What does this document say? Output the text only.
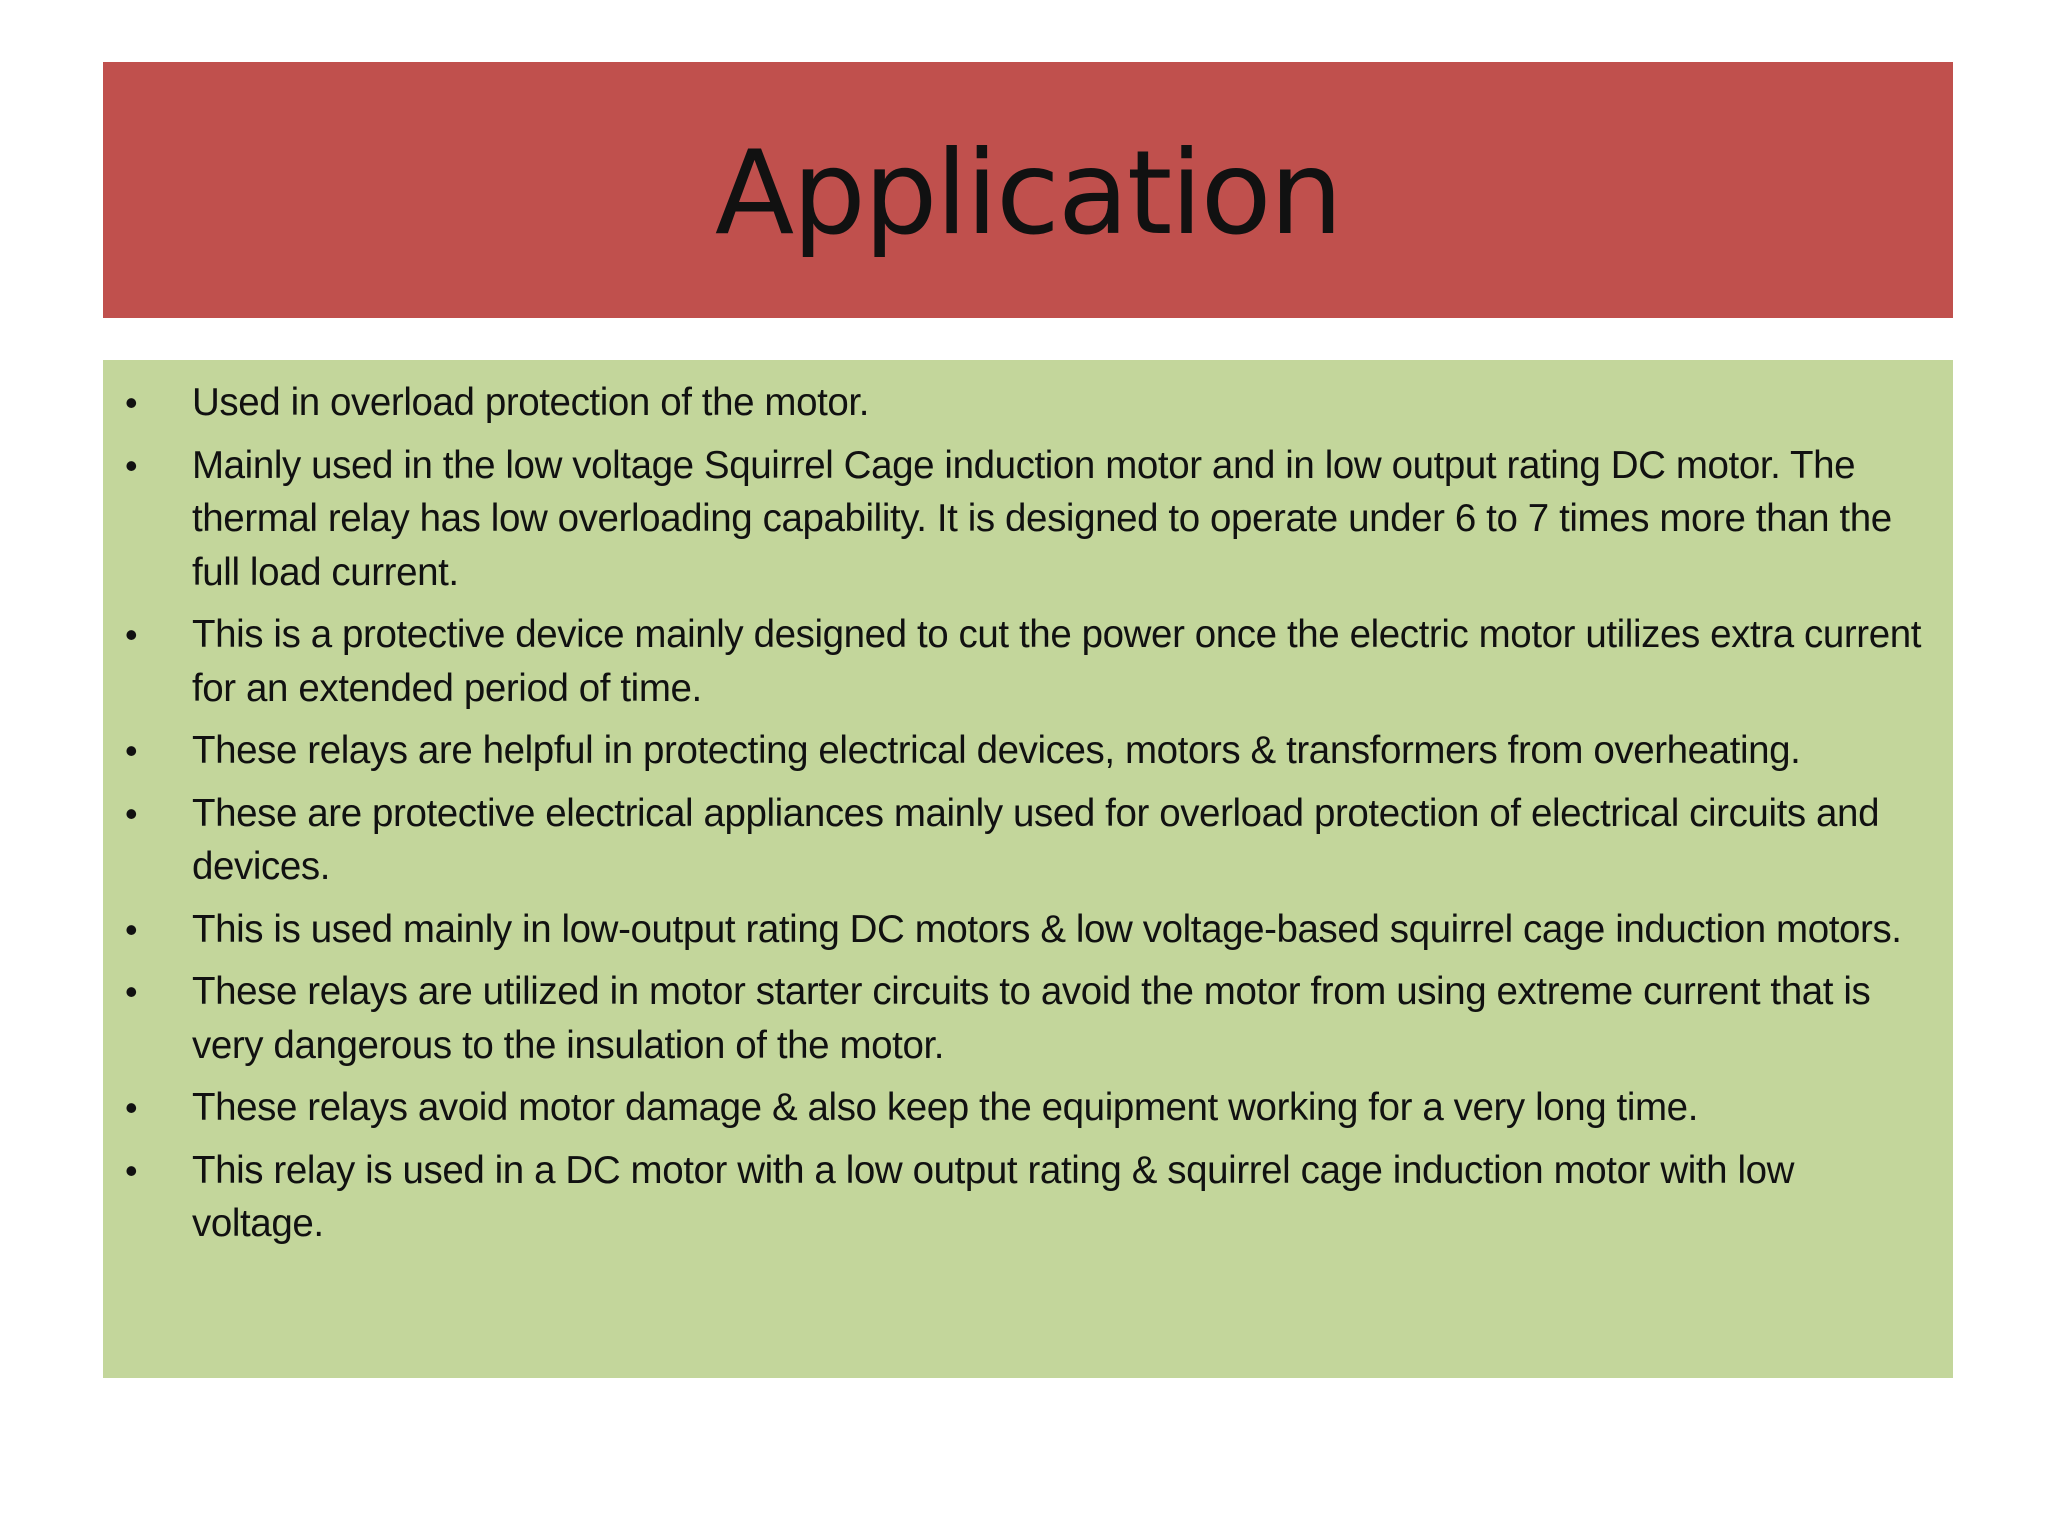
Application
• Used in overload protection of the motor.
• Mainly used in the low voltage Squirrel Cage induction motor and in low output rating DC motor. The thermal relay has low overloading capability. It is designed to operate under 6 to 7 times more than the full load current.
• This is a protective device mainly designed to cut the power once the electric motor utilizes extra current for an extended period of time.
• These relays are helpful in protecting electrical devices, motors & transformers from overheating.
• These are protective electrical appliances mainly used for overload protection of electrical circuits and devices.
• This is used mainly in low-output rating DC motors & low voltage-based squirrel cage induction motors.
• These relays are utilized in motor starter circuits to avoid the motor from using extreme current that is very dangerous to the insulation of the motor.
• These relays avoid motor damage & also keep the equipment working for a very long time.
• This relay is used in a DC motor with a low output rating & squirrel cage induction motor with low voltage.
